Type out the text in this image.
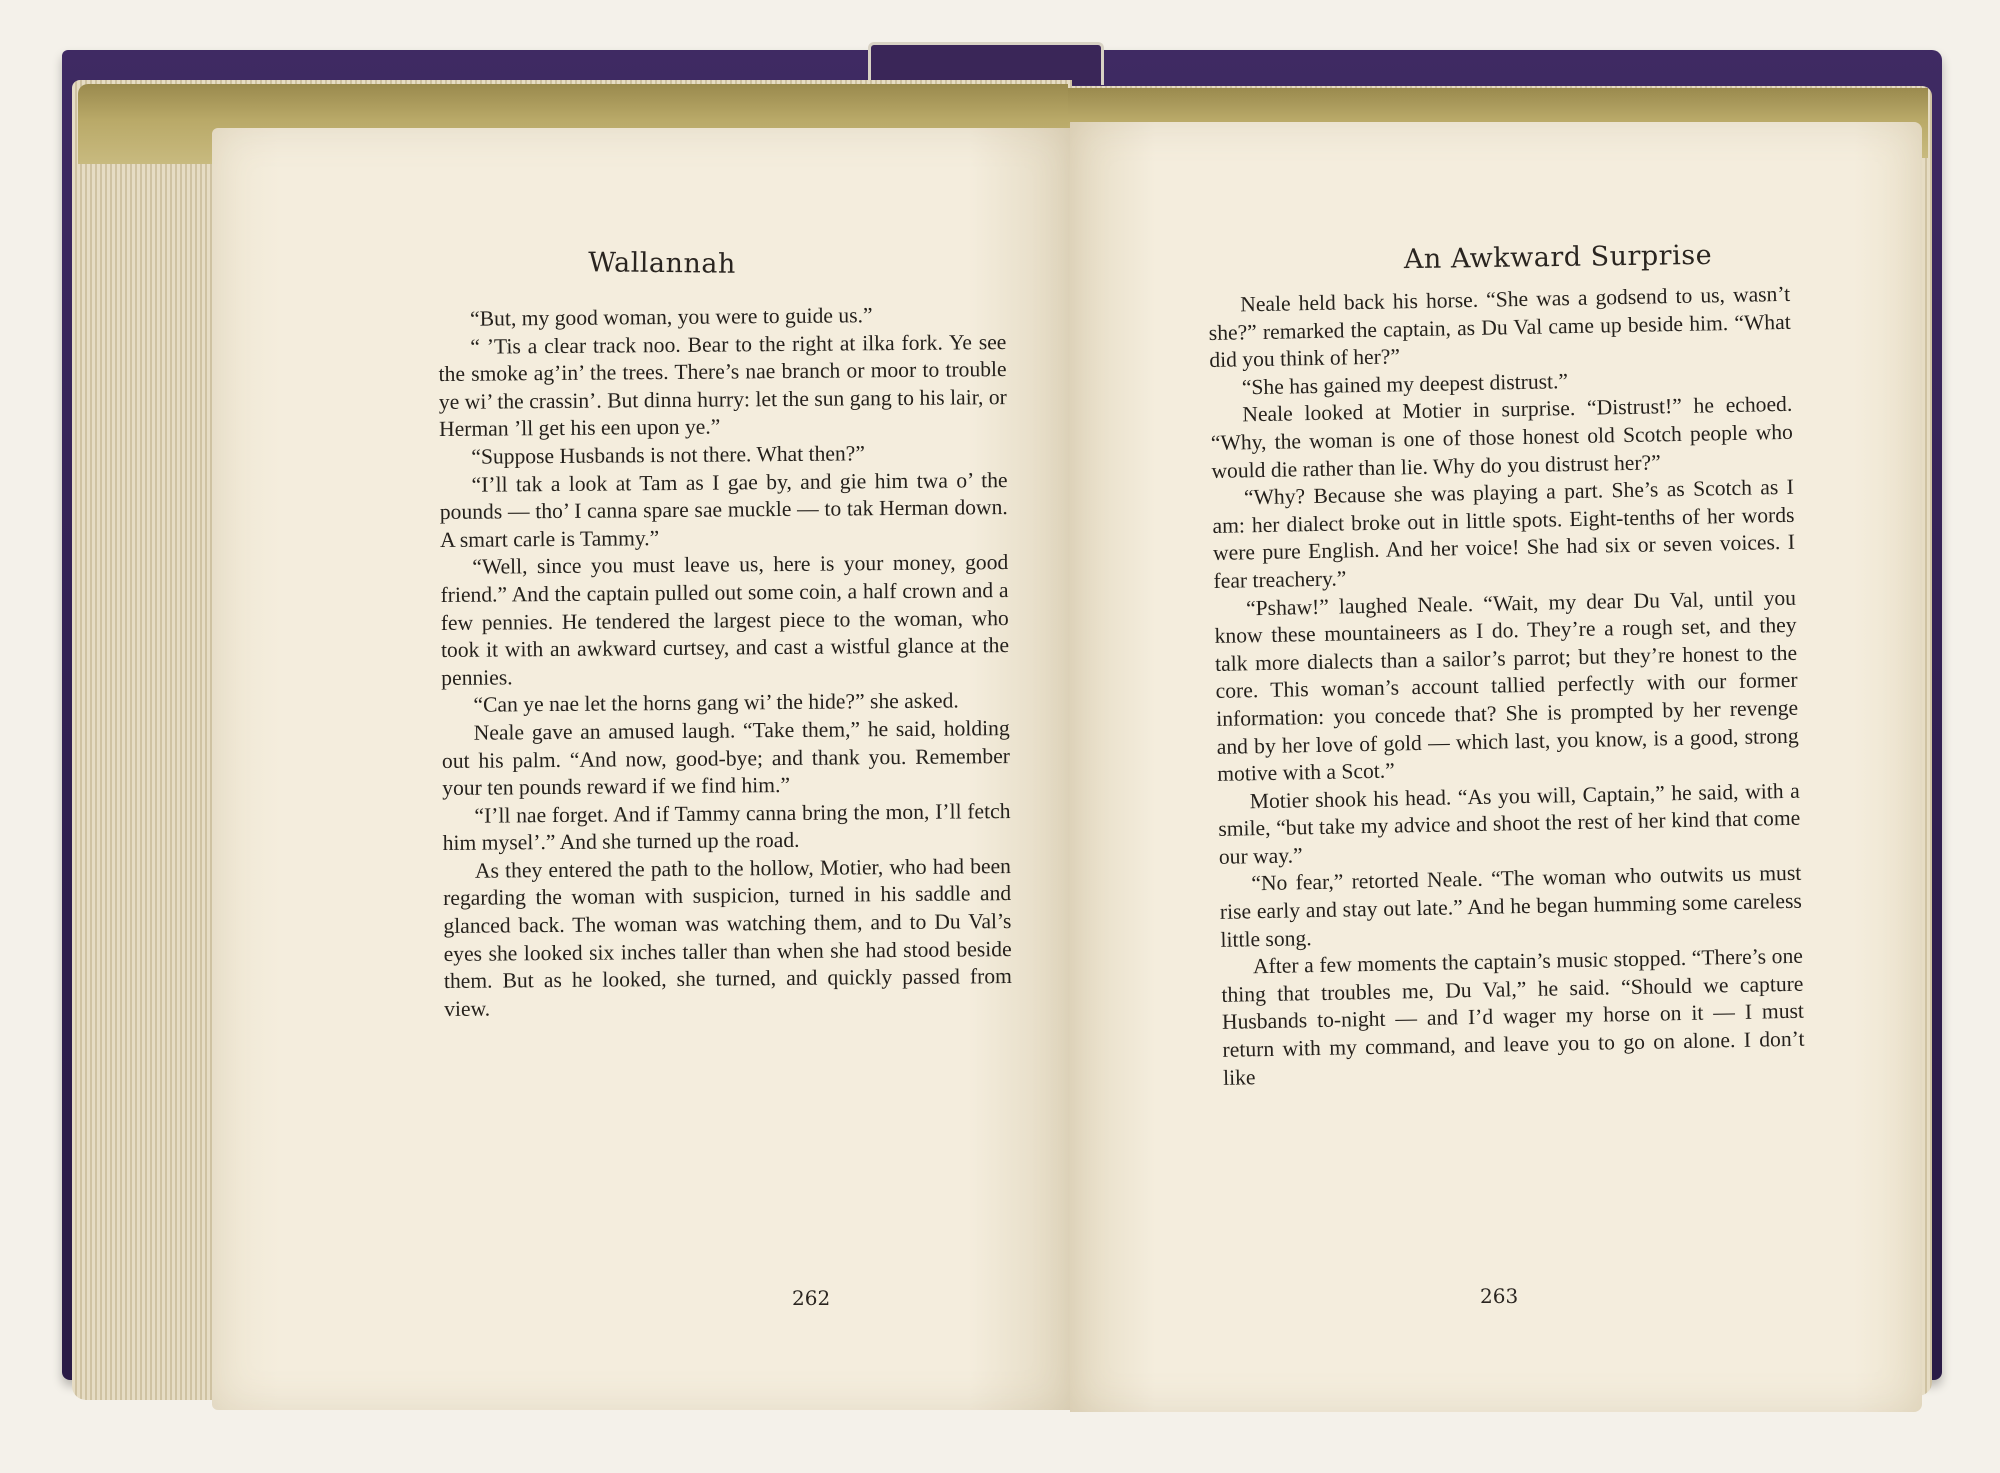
Wallannah

“But, my good woman, you were to guide us.”

“ ’Tis a clear track noo. Bear to the right at ilka fork. Ye see the smoke ag’in’ the trees. There’s nae branch or moor to trouble ye wi’ the crassin’. But dinna hurry: let the sun gang to his lair, or Herman ’ll get his een upon ye.”

“Suppose Husbands is not there. What then?”

“I’ll tak a look at Tam as I gae by, and gie him twa o’ the pounds — tho’ I canna spare sae muckle — to tak Herman down. A smart carle is Tammy.”

“Well, since you must leave us, here is your money, good friend.” And the captain pulled out some coin, a half crown and a few pennies. He tendered the largest piece to the woman, who took it with an awkward curtsey, and cast a wistful glance at the pennies.

“Can ye nae let the horns gang wi’ the hide?” she asked.

Neale gave an amused laugh. “Take them,” he said, holding out his palm. “And now, good-bye; and thank you. Remember your ten pounds reward if we find him.”

“I’ll nae forget. And if Tammy canna bring the mon, I’ll fetch him mysel’.” And she turned up the road.

As they entered the path to the hollow, Motier, who had been regarding the woman with suspicion, turned in his saddle and glanced back. The woman was watching them, and to Du Val’s eyes she looked six inches taller than when she had stood beside them. But as he looked, she turned, and quickly passed from view.

262
An Awkward Surprise

Neale held back his horse. “She was a godsend to us, wasn’t she?” remarked the captain, as Du Val came up beside him. “What did you think of her?”

“She has gained my deepest distrust.”

Neale looked at Motier in surprise. “Distrust!” he echoed. “Why, the woman is one of those honest old Scotch people who would die rather than lie. Why do you distrust her?”

“Why? Because she was playing a part. She’s as Scotch as I am: her dialect broke out in little spots. Eight-tenths of her words were pure English. And her voice! She had six or seven voices. I fear treachery.”

“Pshaw!” laughed Neale. “Wait, my dear Du Val, until you know these mountaineers as I do. They’re a rough set, and they talk more dialects than a sailor’s parrot; but they’re honest to the core. This woman’s account tallied perfectly with our former information: you concede that? She is prompted by her revenge and by her love of gold — which last, you know, is a good, strong motive with a Scot.”

Motier shook his head. “As you will, Captain,” he said, with a smile, “but take my advice and shoot the rest of her kind that come our way.”

“No fear,” retorted Neale. “The woman who outwits us must rise early and stay out late.” And he began humming some careless little song.

After a few moments the captain’s music stopped. “There’s one thing that troubles me, Du Val,” he said. “Should we capture Husbands to-night — and I’d wager my horse on it — I must return with my command, and leave you to go on alone. I don’t like

263
